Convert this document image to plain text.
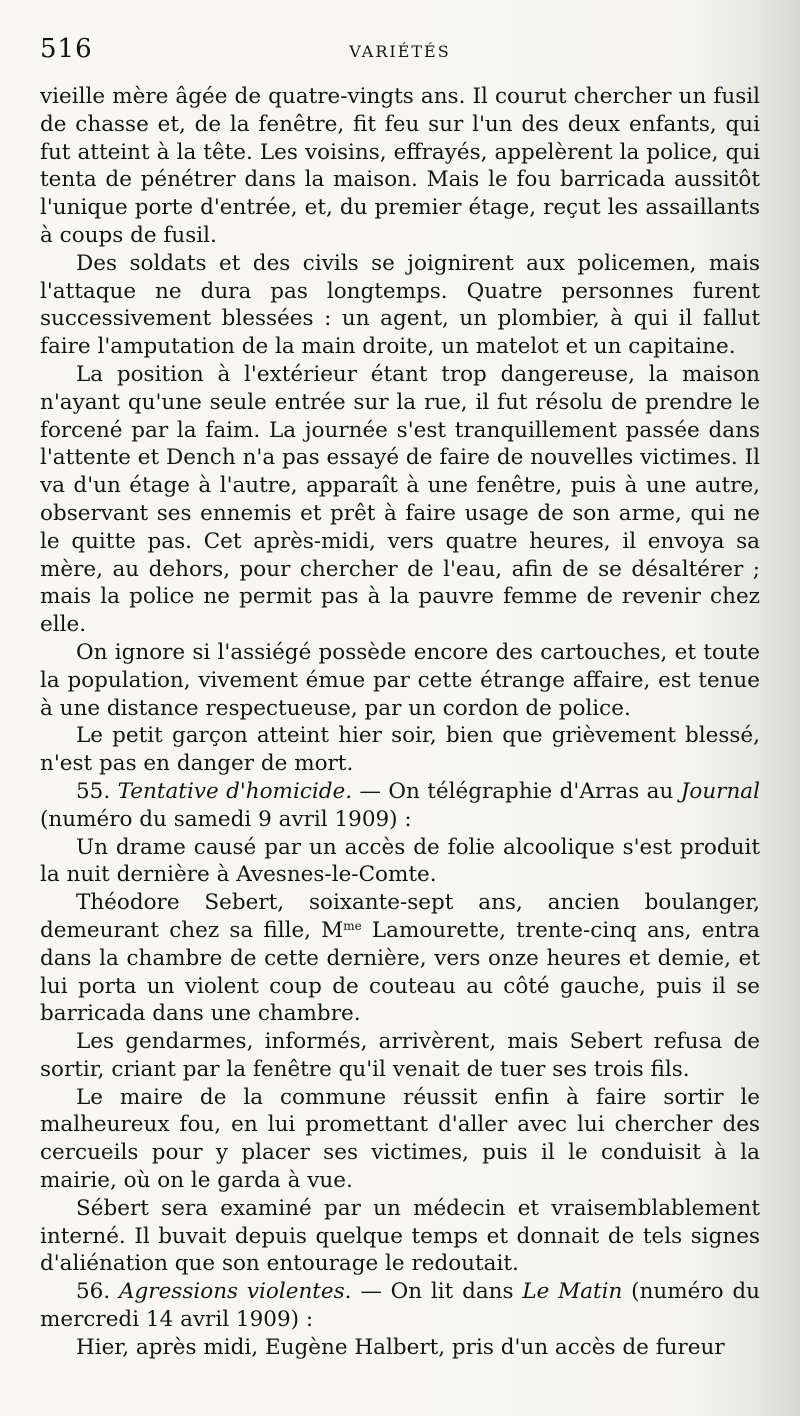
516	VARIÉTÉS

vieille mère âgée de quatre-vingts ans. Il courut chercher un fusil de chasse et, de la fenêtre, fit feu sur l'un des deux enfants, qui fut atteint à la tête. Les voisins, effrayés, appelèrent la police, qui tenta de pénétrer dans la maison. Mais le fou barricada aussitôt l'unique porte d'entrée, et, du premier étage, reçut les assaillants à coups de fusil.

Des soldats et des civils se joignirent aux policemen, mais l'attaque ne dura pas longtemps. Quatre personnes furent successivement blessées : un agent, un plombier, à qui il fallut faire l'amputation de la main droite, un matelot et un capitaine.

La position à l'extérieur étant trop dangereuse, la maison n'ayant qu'une seule entrée sur la rue, il fut résolu de prendre le forcené par la faim. La journée s'est tranquillement passée dans l'attente et Dench n'a pas essayé de faire de nouvelles victimes. Il va d'un étage à l'autre, apparaît à une fenêtre, puis à une autre, observant ses ennemis et prêt à faire usage de son arme, qui ne le quitte pas. Cet après-midi, vers quatre heures, il envoya sa mère, au dehors, pour chercher de l'eau, afin de se désaltérer ; mais la police ne permit pas à la pauvre femme de revenir chez elle.

On ignore si l'assiégé possède encore des cartouches, et toute la population, vivement émue par cette étrange affaire, est tenue à une distance respectueuse, par un cordon de police.

Le petit garçon atteint hier soir, bien que grièvement blessé, n'est pas en danger de mort.

55. Tentative d'homicide. — On télégraphie d'Arras au Journal (numéro du samedi 9 avril 1909) :

Un drame causé par un accès de folie alcoolique s'est produit la nuit dernière à Avesnes-le-Comte.

Théodore Sebert, soixante-sept ans, ancien boulanger, demeurant chez sa fille, $M^{me}$ Lamourette, trente-cinq ans, entra dans la chambre de cette dernière, vers onze heures et demie, et lui porta un violent coup de couteau au côté gauche, puis il se barricada dans une chambre.

Les gendarmes, informés, arrivèrent, mais Sebert refusa de sortir, criant par la fenêtre qu'il venait de tuer ses trois fils.

Le maire de la commune réussit enfin à faire sortir le malheureux fou, en lui promettant d'aller avec lui chercher des cercueils pour y placer ses victimes, puis il le conduisit à la mairie, où on le garda à vue.

Sébert sera examiné par un médecin et vraisemblablement interné. Il buvait depuis quelque temps et donnait de tels signes d'aliénation que son entourage le redoutait.

56. Agressions violentes. — On lit dans Le Matin (numéro du mercredi 14 avril 1909) :

Hier, après midi, Eugène Halbert, pris d'un accès de fureur
